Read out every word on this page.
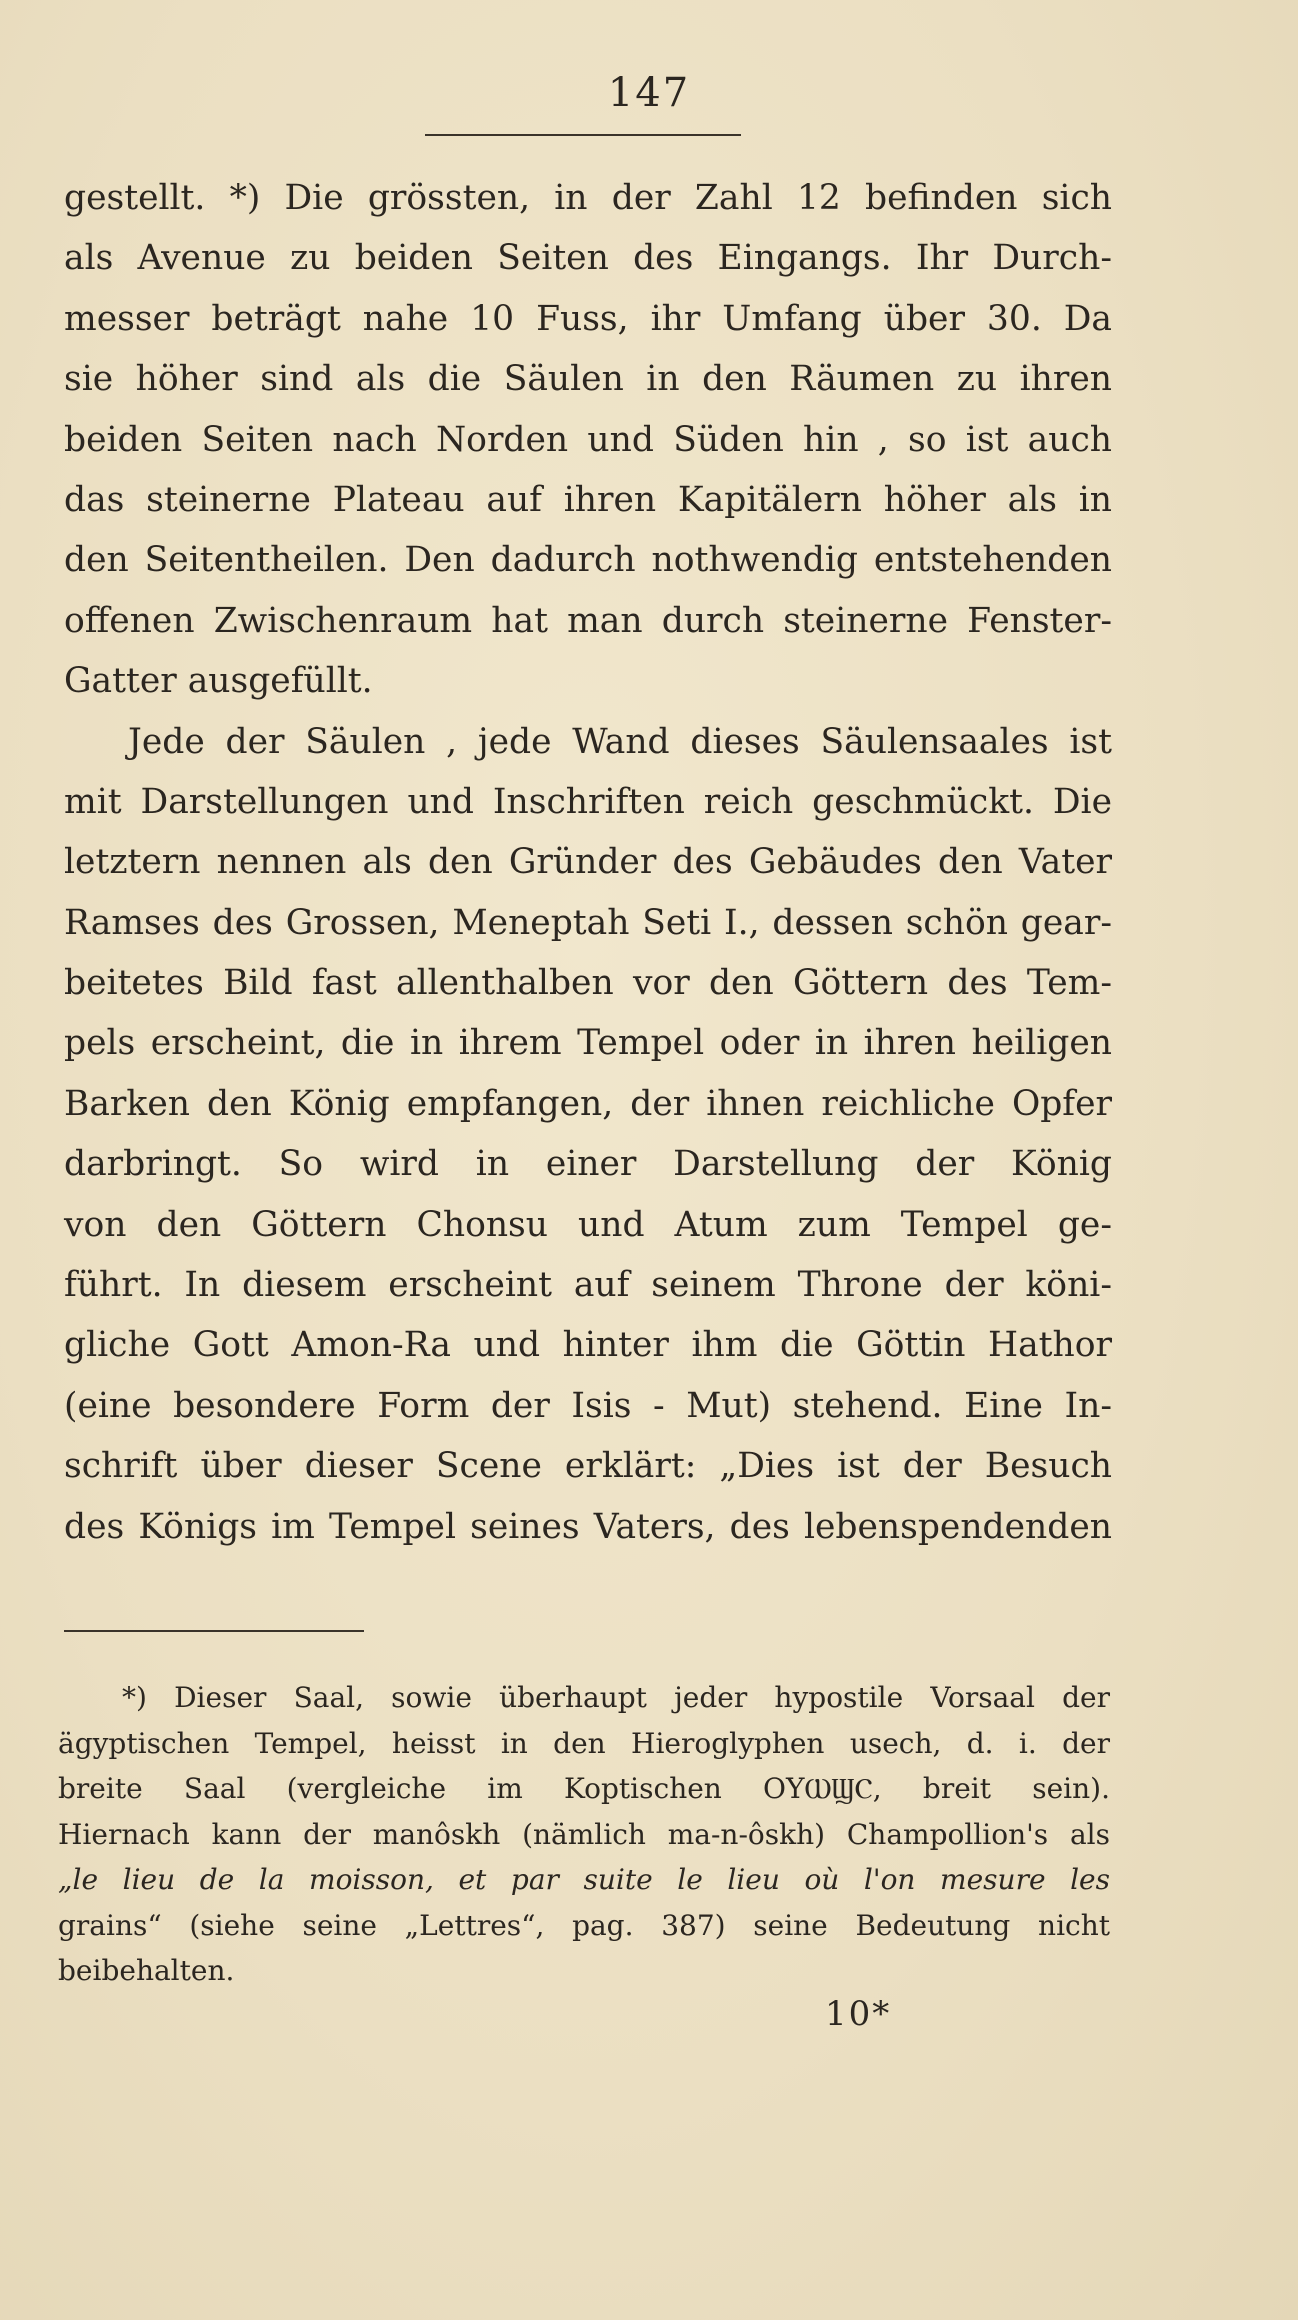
147
gestellt. *) Die grössten, in der Zahl 12 befinden sich
als Avenue zu beiden Seiten des Eingangs. Ihr Durch-
messer beträgt nahe 10 Fuss, ihr Umfang über 30. Da
sie höher sind als die Säulen in den Räumen zu ihren
beiden Seiten nach Norden und Süden hin , so ist auch
das steinerne Plateau auf ihren Kapitälern höher als in
den Seitentheilen. Den dadurch nothwendig entstehenden
offenen Zwischenraum hat man durch steinerne Fenster-
Gatter ausgefüllt.
Jede der Säulen , jede Wand dieses Säulensaales ist
mit Darstellungen und Inschriften reich geschmückt. Die
letztern nennen als den Gründer des Gebäudes den Vater
Ramses des Grossen, Meneptah Seti I., dessen schön gear-
beitetes Bild fast allenthalben vor den Göttern des Tem-
pels erscheint, die in ihrem Tempel oder in ihren heiligen
Barken den König empfangen, der ihnen reichliche Opfer
darbringt. So wird in einer Darstellung der König
von den Göttern Chonsu und Atum zum Tempel ge-
führt. In diesem erscheint auf seinem Throne der köni-
gliche Gott Amon-Ra und hinter ihm die Göttin Hathor
(eine besondere Form der Isis - Mut) stehend. Eine In-
schrift über dieser Scene erklärt: „Dies ist der Besuch
des Königs im Tempel seines Vaters, des lebenspendenden
*) Dieser Saal, sowie überhaupt jeder hypostile Vorsaal der
ägyptischen Tempel, heisst in den Hieroglyphen usech, d. i. der
breite Saal (vergleiche im Koptischen ΟΥⲰϢⲤ, breit sein).
Hiernach kann der manôskh (nämlich ma-n-ôskh) Champollion's als
„le lieu de la moisson, et par suite le lieu où l'on mesure les
grains“ (siehe seine „Lettres“, pag. 387) seine Bedeutung nicht
beibehalten.
10*
